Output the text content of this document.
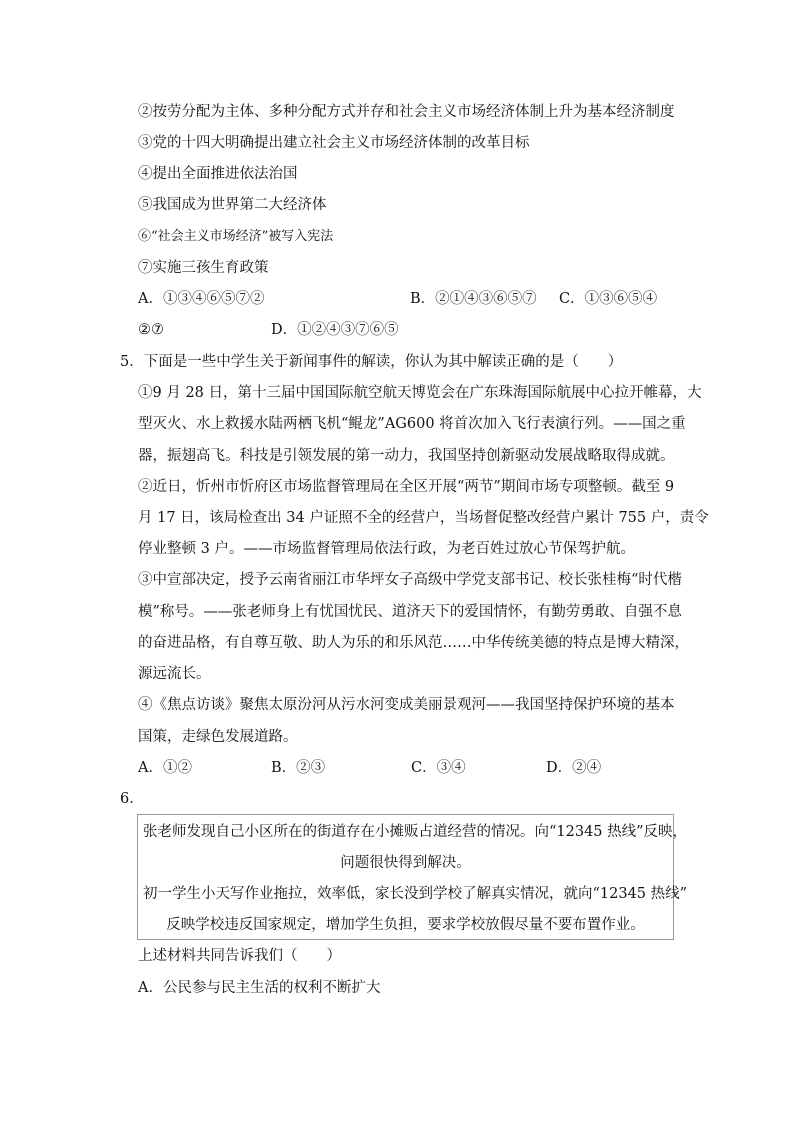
②按劳分配为主体、多种分配方式并存和社会主义市场经济体制上升为基本经济制度
③党的十四大明确提出建立社会主义市场经济体制的改革目标
④提出全面推进依法治国
⑤我国成为世界第二大经济体
⑥“社会主义市场经济”被写入宪法
⑦实施三孩生育政策
A．①③④⑥⑤⑦②	B．②①④③⑥⑤⑦ C．①③⑥⑤④
②⑦	D．①②④③⑦⑥⑤
5．下面是一些中学生关于新闻事件的解读，你认为其中解读正确的是（　　）
①9 月 28 日，第十三届中国国际航空航天博览会在广东珠海国际航展中心拉开帷幕，大
型灭火、水上救援水陆两栖飞机“鲲龙”AG600 将首次加入飞行表演行列。——国之重
器，振翅高飞。科技是引领发展的第一动力，我国坚持创新驱动发展战略取得成就。
②近日，忻州市忻府区市场监督管理局在全区开展“两节”期间市场专项整顿。截至 9
月 17 日，该局检查出 34 户证照不全的经营户，当场督促整改经营户累计 755 户，责令
停业整顿 3 户。——市场监督管理局依法行政，为老百姓过放心节保驾护航。
③中宣部决定，授予云南省丽江市华坪女子高级中学党支部书记、校长张桂梅“时代楷
模”称号。——张老师身上有忧国忧民、道济天下的爱国情怀，有勤劳勇敢、自强不息
的奋进品格，有自尊互敬、助人为乐的和乐风范……中华传统美德的特点是博大精深，
源远流长。
④《焦点访谈》聚焦太原汾河从污水河变成美丽景观河——我国坚持保护环境的基本
国策，走绿色发展道路。
A．①②	B．②③	C．③④	D．②④
6．
张老师发现自己小区所在的街道存在小摊贩占道经营的情况。向“12345 热线”反映，
问题很快得到解决。
初一学生小天写作业拖拉，效率低，家长没到学校了解真实情况，就向“12345 热线”
反映学校违反国家规定，增加学生负担，要求学校放假尽量不要布置作业。
上述材料共同告诉我们（　　）
A．公民参与民主生活的权利不断扩大
